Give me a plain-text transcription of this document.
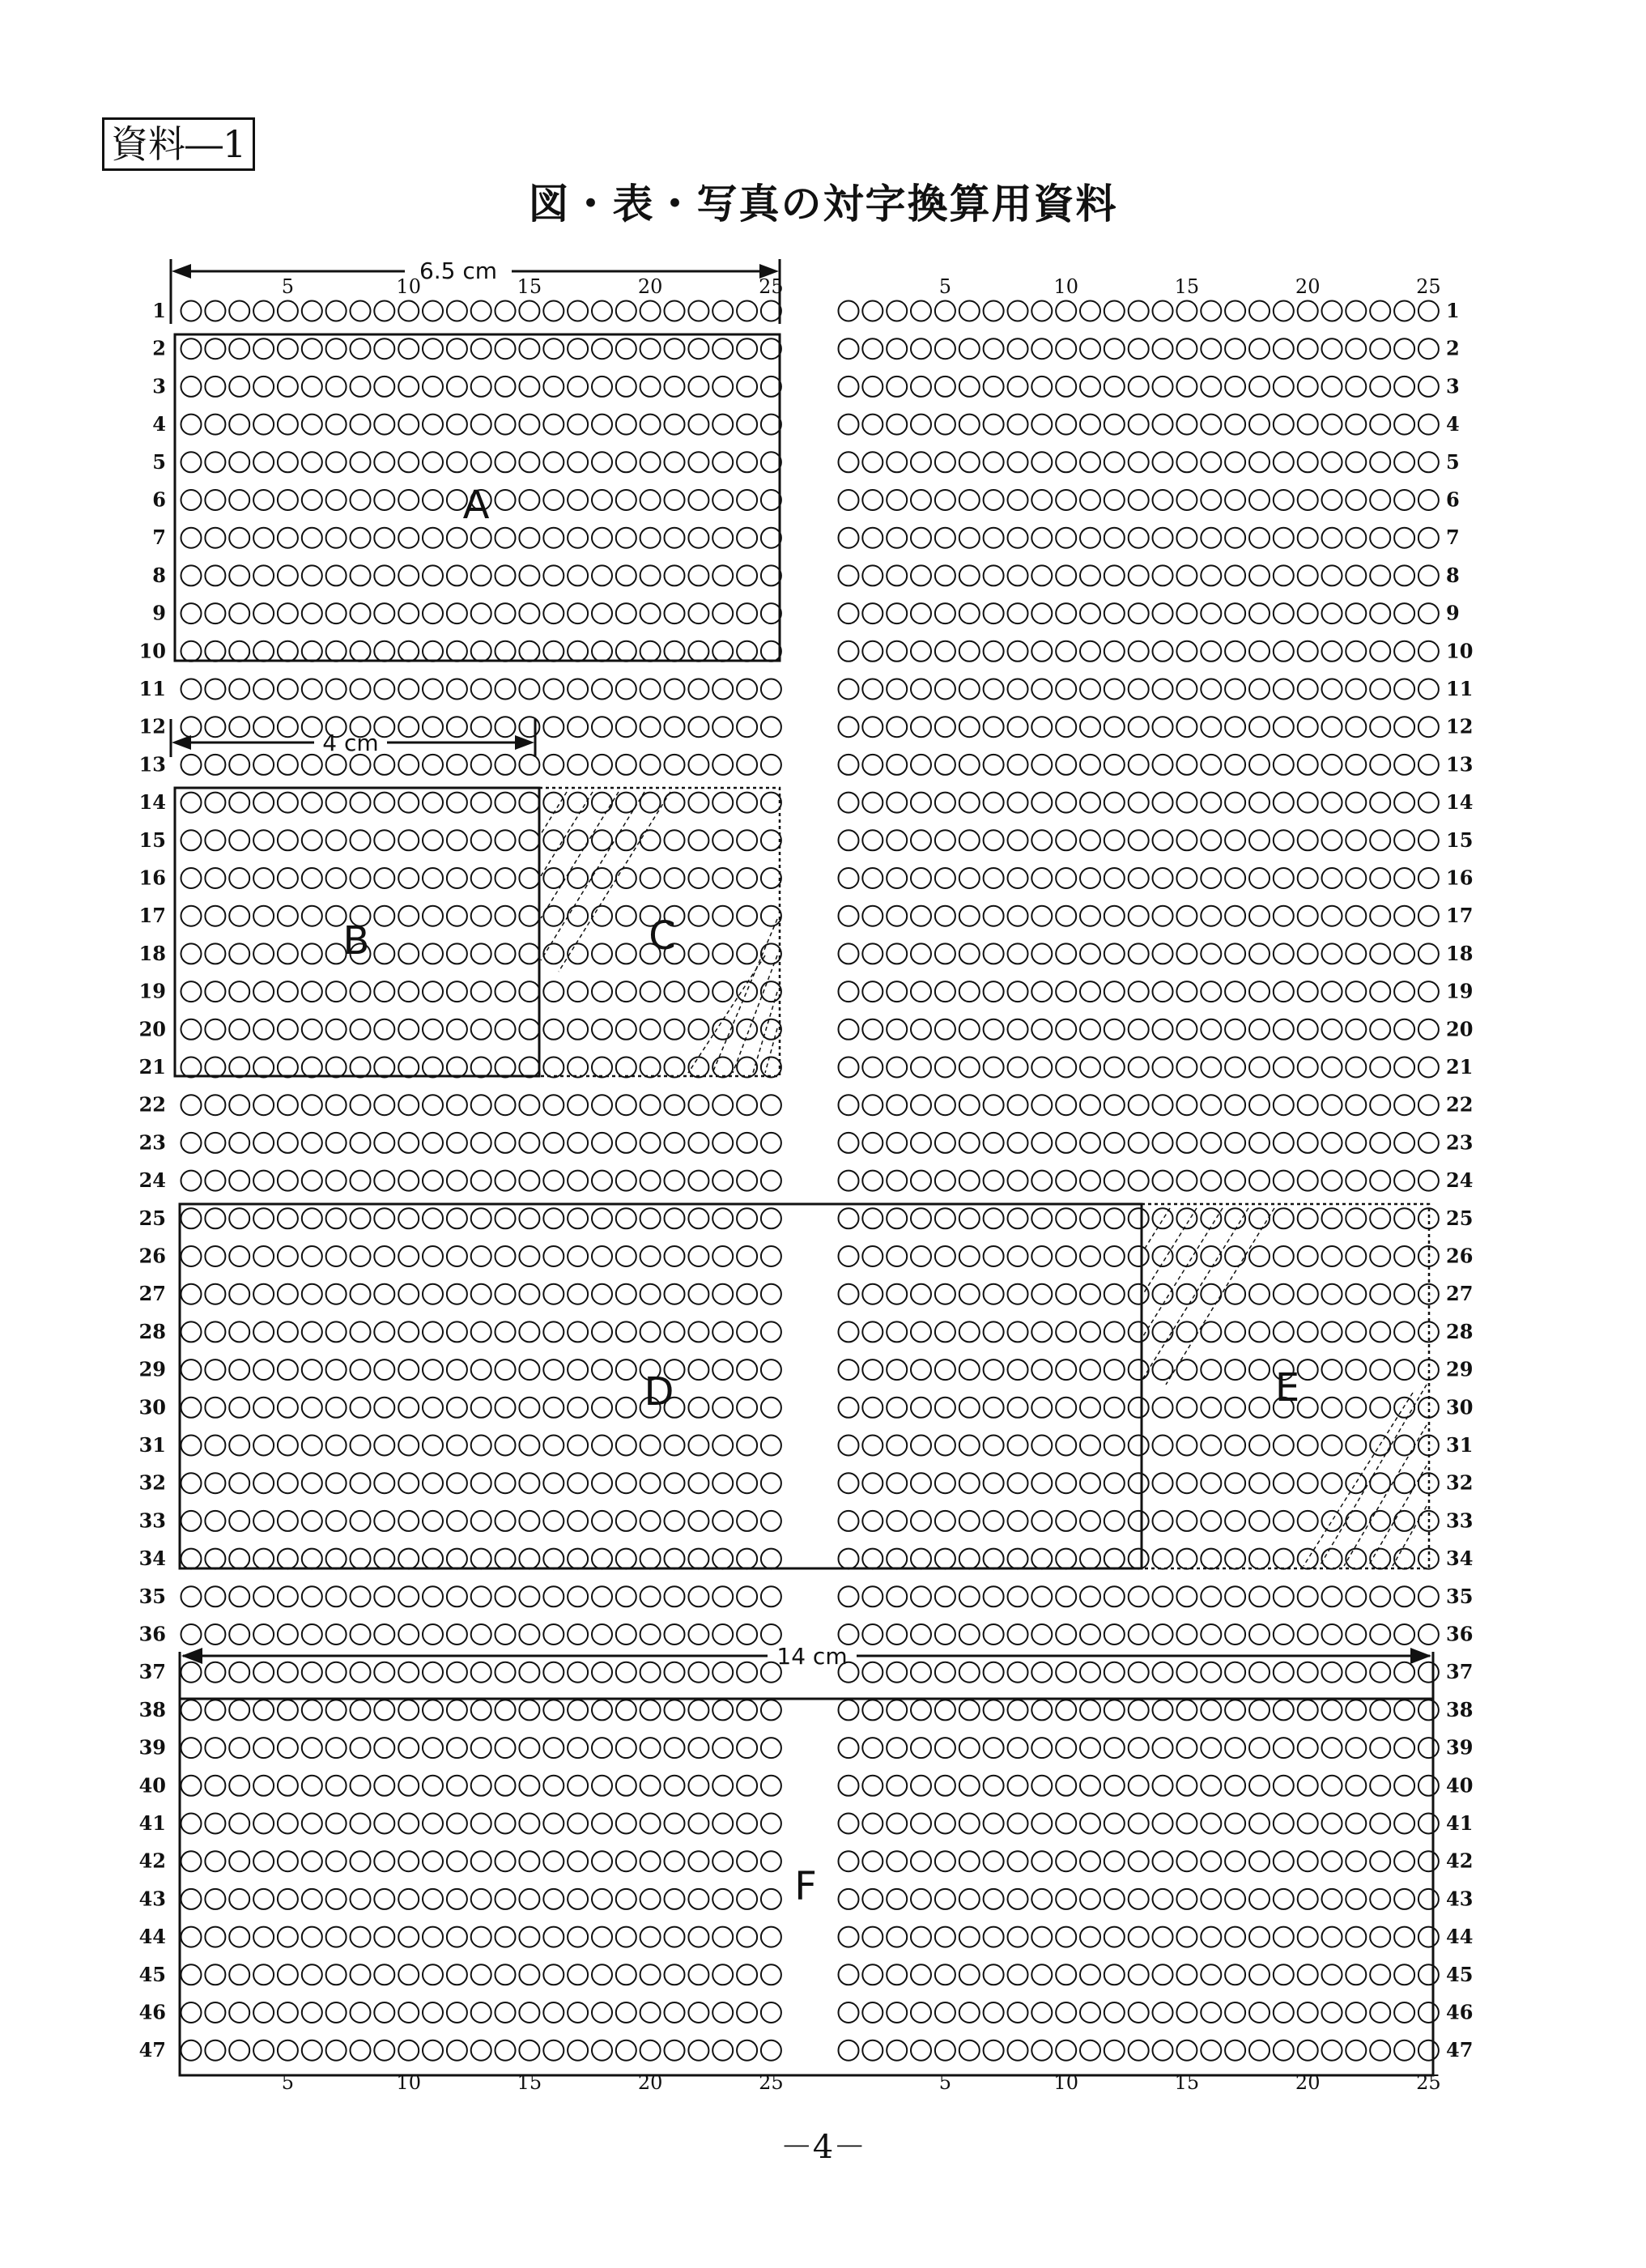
資料―1
図・表・写真の対字換算用資料
1	1
2	2
3	3
4	4
5	5
6	6
7	7
8	8
9	9
10	10
11	11
12	12
13	13
14	14
15	15
16	16
17	17
18	18
19	19
20	20
21	21
22	22
23	23
24	24
25	25
26	26
27	27
28	28
29	29
30	30
31	31
32	32
33	33
34	34
35	35
36	36
37	37
38	38
39	39
40	40
41	41
42	42
43	43
44	44
45	45
46	46
47	47
5	10	15	20	25	5	10	15	20	25
5	10	15	20	25	5	10	15	20	25
A
B	C
D	E
F
6.5 cm
4 cm
14 cm
－4－
